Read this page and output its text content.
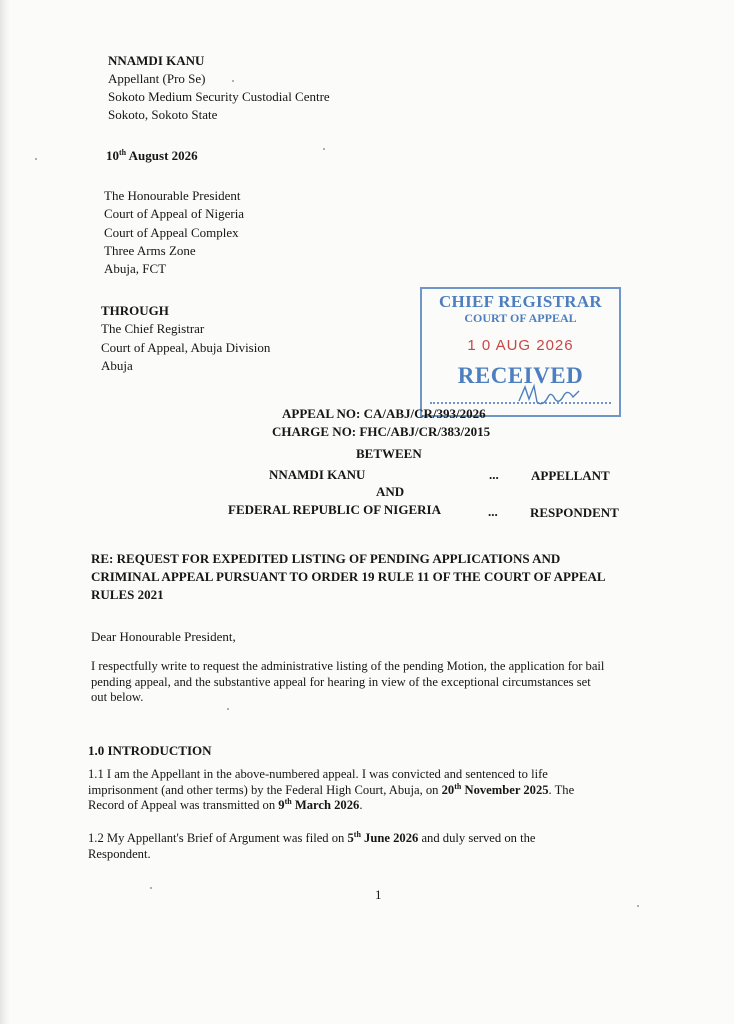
NNAMDI KANU
Appellant (Pro Se)
Sokoto Medium Security Custodial Centre
Sokoto, Sokoto State
10th August 2026
The Honourable President
Court of Appeal of Nigeria
Court of Appeal Complex
Three Arms Zone
Abuja, FCT
THROUGH
The Chief Registrar
Court of Appeal, Abuja Division
Abuja
CHIEF REGISTRAR
COURT OF APPEAL
1 0 AUG 2026
RECEIVED
APPEAL NO: CA/ABJ/CR/393/2026
CHARGE NO: FHC/ABJ/CR/383/2015
BETWEEN
NNAMDI KANU	... APPELLANT
AND
FEDERAL REPUBLIC OF NIGERIA	... RESPONDENT
RE: REQUEST FOR EXPEDITED LISTING OF PENDING APPLICATIONS AND
CRIMINAL APPEAL PURSUANT TO ORDER 19 RULE 11 OF THE COURT OF APPEAL
RULES 2021
Dear Honourable President,
I respectfully write to request the administrative listing of the pending Motion, the application for bail
pending appeal, and the substantive appeal for hearing in view of the exceptional circumstances set
out below.
1.0 INTRODUCTION
1.1 I am the Appellant in the above-numbered appeal. I was convicted and sentenced to life
imprisonment (and other terms) by the Federal High Court, Abuja, on 20th November 2025. The
Record of Appeal was transmitted on 9th March 2026.
1.2 My Appellant's Brief of Argument was filed on 5th June 2026 and duly served on the
Respondent.
1
